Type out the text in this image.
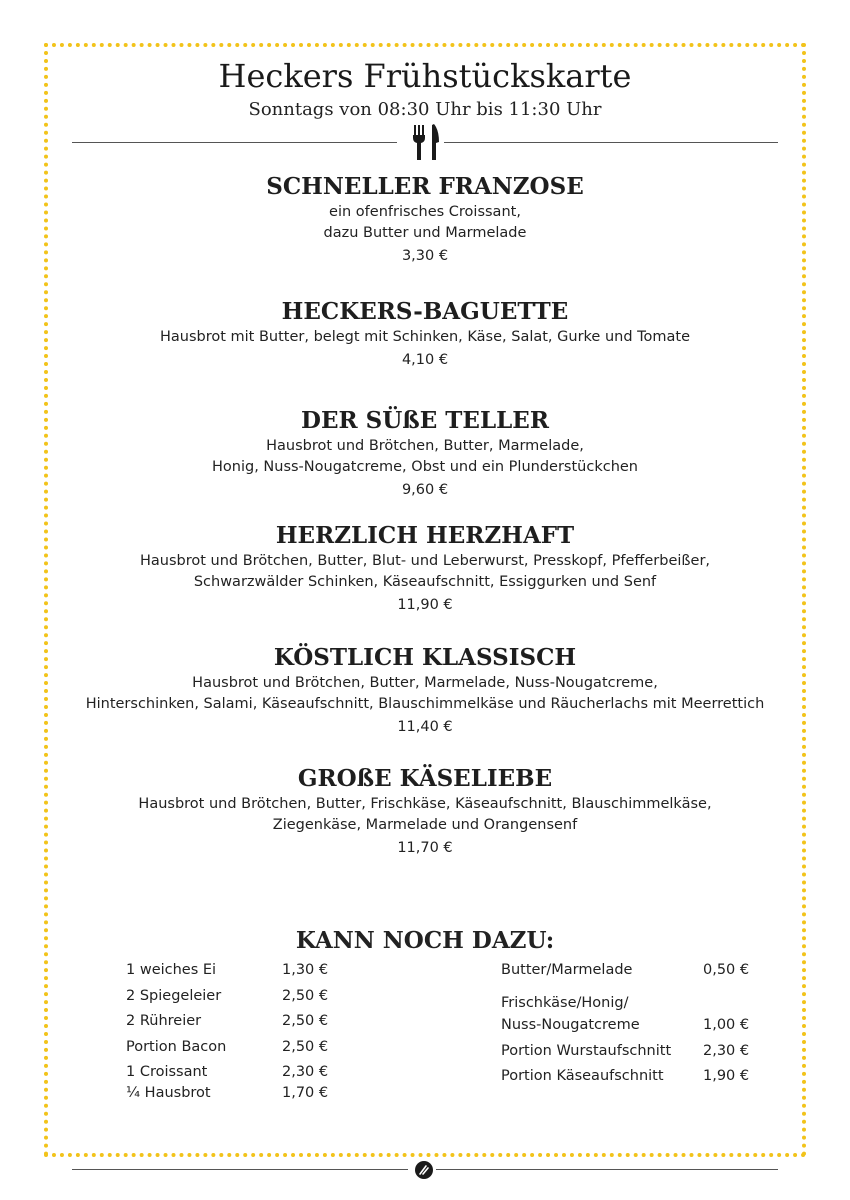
Heckers Frühstückskarte
Sonntags von 08:30 Uhr bis 11:30 Uhr
SCHNELLER FRANZOSE
ein ofenfrisches Croissant,
dazu Butter und Marmelade
3,30 €
HECKERS-BAGUETTE
Hausbrot mit Butter, belegt mit Schinken, Käse, Salat, Gurke und Tomate
4,10 €
DER SÜßE TELLER
Hausbrot und Brötchen, Butter, Marmelade,
Honig, Nuss-Nougatcreme, Obst und ein Plunderstückchen
9,60 €
HERZLICH HERZHAFT
Hausbrot und Brötchen, Butter, Blut- und Leberwurst, Presskopf, Pfefferbeißer,
Schwarzwälder Schinken, Käseaufschnitt, Essiggurken und Senf
11,90 €
KÖSTLICH KLASSISCH
Hausbrot und Brötchen, Butter, Marmelade, Nuss-Nougatcreme,
Hinterschinken, Salami, Käseaufschnitt, Blauschimmelkäse und Räucherlachs mit Meerrettich
11,40 €
GROßE KÄSELIEBE
Hausbrot und Brötchen, Butter, Frischkäse, Käseaufschnitt, Blauschimmelkäse,
Ziegenkäse, Marmelade und Orangensenf
11,70 €
KANN NOCH DAZU:
1 weiches Ei	1,30 €
2 Spiegeleier	2,50 €
2 Rühreier	2,50 €
Portion Bacon	2,50 €
1 Croissant	2,30 €
¼ Hausbrot	1,70 €
Butter/Marmelade	0,50 €
Frischkäse/Honig/
Nuss-Nougatcreme	1,00 €
Portion Wurstaufschnitt 2,30 €
Portion Käseaufschnitt	1,90 €
